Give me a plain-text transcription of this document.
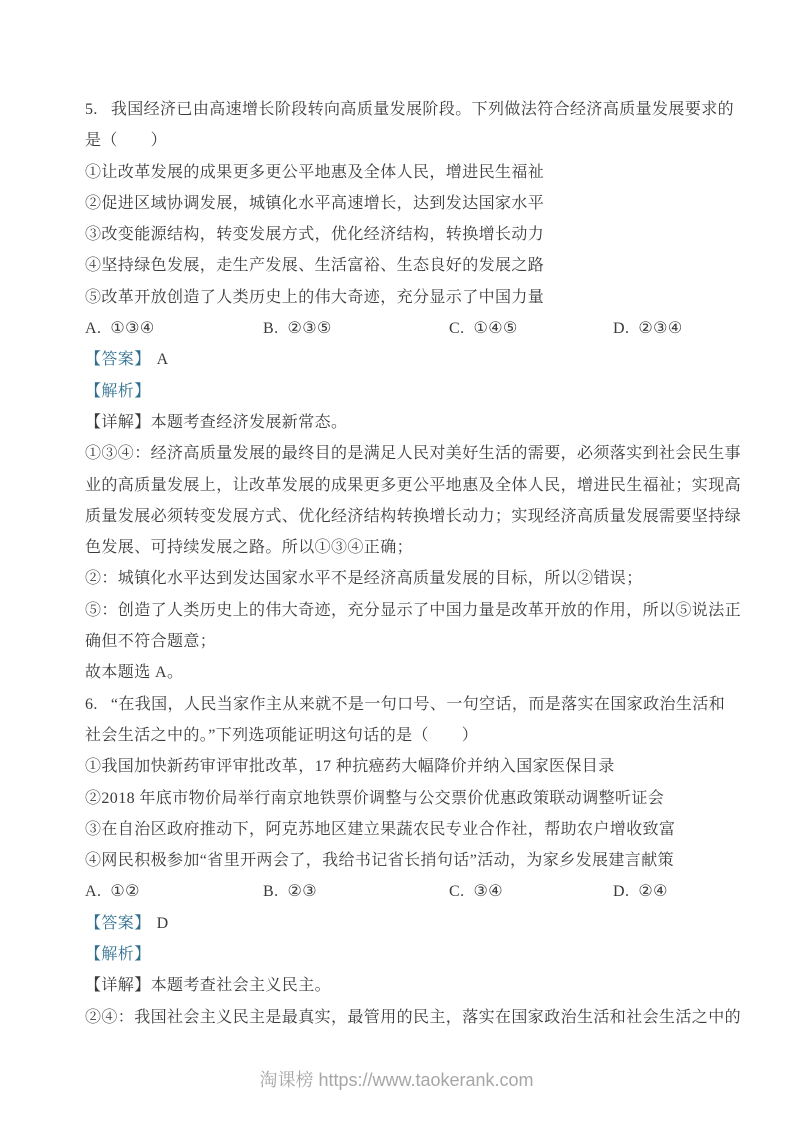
5. 我国经济已由高速增长阶段转向高质量发展阶段。下列做法符合经济高质量发展要求的
是（　　）
①让改革发展的成果更多更公平地惠及全体人民，增进民生福祉
②促进区域协调发展，城镇化水平高速增长，达到发达国家水平
③改变能源结构，转变发展方式，优化经济结构，转换增长动力
④坚持绿色发展，走生产发展、生活富裕、生态良好的发展之路
⑤改革开放创造了人类历史上的伟大奇迹，充分显示了中国力量
A. ①③④	B. ②③⑤	C. ①④⑤	D. ②③④
【答案】 A
【解析】
【详解】本题考查经济发展新常态。
①③④：经济高质量发展的最终目的是满足人民对美好生活的需要，必须落实到社会民生事
业的高质量发展上，让改革发展的成果更多更公平地惠及全体人民，增进民生福祉；实现高
质量发展必须转变发展方式、优化经济结构转换增长动力；实现经济高质量发展需要坚持绿
色发展、可持续发展之路。所以①③④正确；
②：城镇化水平达到发达国家水平不是经济高质量发展的目标，所以②错误；
⑤：创造了人类历史上的伟大奇迹，充分显示了中国力量是改革开放的作用，所以⑤说法正
确但不符合题意；
故本题选 A。
6. “在我国，人民当家作主从来就不是一句口号、一句空话，而是落实在国家政治生活和
社会生活之中的。”下列选项能证明这句话的是（　　）
①我国加快新药审评审批改革，17 种抗癌药大幅降价并纳入国家医保目录
②2018 年底市物价局举行南京地铁票价调整与公交票价优惠政策联动调整听证会
③在自治区政府推动下，阿克苏地区建立果蔬农民专业合作社，帮助农户增收致富
④网民积极参加“省里开两会了，我给书记省长捎句话”活动，为家乡发展建言献策
A. ①②	B. ②③	C. ③④	D. ②④
【答案】 D
【解析】
【详解】本题考查社会主义民主。
②④：我国社会主义民主是最真实，最管用的民主，落实在国家政治生活和社会生活之中的
淘课榜 https://www.taokerank.com
